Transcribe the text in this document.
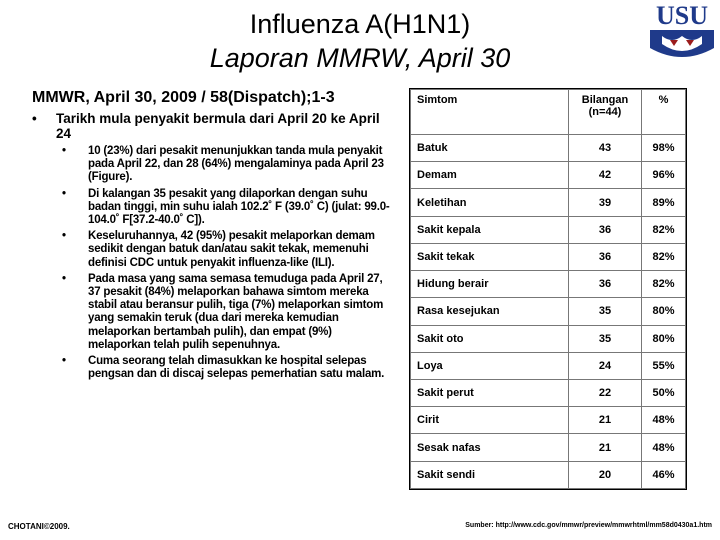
Influenza A(H1N1)
Laporan MMRW, April 30
USU
MMWR, April 30, 2009 / 58(Dispatch);1-3
• Tarikh mula penyakit bermula dari April 20 ke April 24
• 10 (23%) dari pesakit menunjukkan tanda mula penyakit pada April 22, dan 28 (64%) mengalaminya pada April 23 (Figure).
• Di kalangan 35 pesakit yang dilaporkan dengan suhu badan tinggi, min suhu ialah 102.2˚ F (39.0˚ C) (julat: 99.0-104.0˚ F[37.2-40.0˚ C]).
• Keseluruhannya, 42 (95%) pesakit melaporkan demam sedikit dengan batuk dan/atau sakit tekak, memenuhi definisi CDC untuk penyakit influenza-like (ILI).
• Pada masa yang sama semasa temuduga pada April 27, 37 pesakit (84%) melaporkan bahawa simtom mereka stabil atau beransur pulih, tiga (7%) melaporkan simtom yang semakin teruk (dua dari mereka kemudian melaporkan bertambah pulih), dan empat (9%) melaporkan telah pulih sepenuhnya.
• Cuma seorang telah dimasukkan ke hospital selepas pengsan dan di discaj selepas pemerhatian satu malam.
Simtom	Bilangan (n=44)	%
Batuk	43	98%
Demam	42	96%
Keletihan	39	89%
Sakit kepala	36	82%
Sakit tekak	36	82%
Hidung berair	36	82%
Rasa kesejukan	35	80%
Sakit oto	35	80%
Loya	24	55%
Sakit perut	22	50%
Cirit	21	48%
Sesak nafas	21	48%
Sakit sendi	20	46%
CHOTANI©2009.	Sumber: http://www.cdc.gov/mmwr/preview/mmwrhtml/mm58d0430a1.htm
